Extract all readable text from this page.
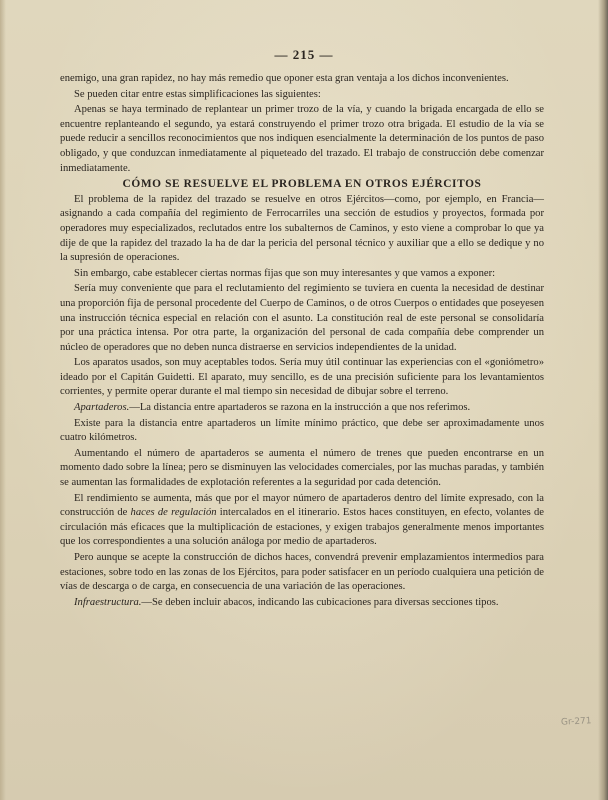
— 215 —

enemigo, una gran rapidez, no hay más remedio que oponer esta gran ventaja a los dichos inconvenientes.

Se pueden citar entre estas simplificaciones las siguientes:

Apenas se haya terminado de replantear un primer trozo de la vía, y cuando la brigada encargada de ello se encuentre replanteando el segundo, ya estará construyendo el primer trozo otra brigada. El estudio de la vía se puede reducir a sencillos reconocimientos que nos indiquen esencialmente la determinación de los puntos de paso obligado, y que conduzcan inmediatamente al piqueteado del trazado. El trabajo de construcción debe comenzar inmediatamente.

CÓMO SE RESUELVE EL PROBLEMA EN OTROS EJÉRCITOS

El problema de la rapidez del trazado se resuelve en otros Ejércitos—como, por ejemplo, en Francia—asignando a cada compañía del regimiento de Ferrocarriles una sección de estudios y proyectos, formada por operadores muy especializados, reclutados entre los subalternos de Caminos, y esto viene a comprobar lo que ya dije de que la rapidez del trazado la ha de dar la pericia del personal técnico y auxiliar que a ello se dedique y no la supresión de operaciones.

Sin embargo, cabe establecer ciertas normas fijas que son muy interesantes y que vamos a exponer:

Sería muy conveniente que para el reclutamiento del regimiento se tuviera en cuenta la necesidad de destinar una proporción fija de personal procedente del Cuerpo de Caminos, o de otros Cuerpos o entidades que poseyesen una instrucción técnica especial en relación con el asunto. La constitución real de este personal se consolidaría por una práctica intensa. Por otra parte, la organización del personal de cada compañía debe comprender un núcleo de operadores que no deben nunca distraerse en servicios independientes de la unidad.

Los aparatos usados, son muy aceptables todos. Sería muy útil continuar las experiencias con el «goniómetro» ideado por el Capitán Guidetti. El aparato, muy sencillo, es de una precisión suficiente para los levantamientos corrientes, y permite operar durante el mal tiempo sin necesidad de dibujar sobre el terreno.

Apartaderos.—La distancia entre apartaderos se razona en la instrucción a que nos referimos.

Existe para la distancia entre apartaderos un límite mínimo práctico, que debe ser aproximadamente unos cuatro kilómetros.

Aumentando el número de apartaderos se aumenta el número de trenes que pueden encontrarse en un momento dado sobre la línea; pero se disminuyen las velocidades comerciales, por las muchas paradas, y también se aumentan las formalidades de explotación referentes a la seguridad por cada detención.

El rendimiento se aumenta, más que por el mayor número de apartaderos dentro del límite expresado, con la construcción de haces de regulación intercalados en el itinerario. Estos haces constituyen, en efecto, volantes de circulación más eficaces que la multiplicación de estaciones, y exigen trabajos generalmente menos importantes que los correspondientes a una solución análoga por medio de apartaderos.

Pero aunque se acepte la construcción de dichos haces, convendrá prevenir emplazamientos intermedios para estaciones, sobre todo en las zonas de los Ejércitos, para poder satisfacer en un período cualquiera una petición de vías de descarga o de carga, en consecuencia de una variación de las operaciones.

Infraestructura.—Se deben incluir abacos, indicando las cubicaciones para diversas secciones tipos.

Gr-271
